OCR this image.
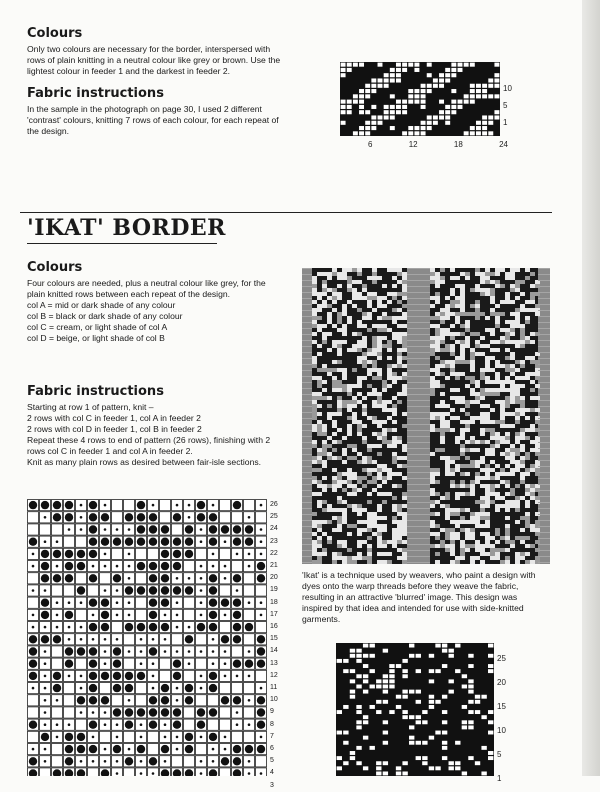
Colours

Only two colours are necessary for the border, interspersed with rows of plain knitting in a neutral colour like grey or brown. Use the lightest colour in feeder 1 and the darkest in feeder 2.

Fabric instructions

In the sample in the photograph on page 30, I used 2 different 'contrast' colours, knitting 7 rows of each colour, for each repeat of the design.

10
5
1
6	12	18	24
'IKAT' BORDER
Colours

Four colours are needed, plus a neutral colour like grey, for the plain knitted rows between each repeat of the design.

col A = mid or dark shade of any colour

col B = black or dark shade of any colour

col C = cream, or light shade of col A

col D = beige, or light shade of col B

Fabric instructions

Starting at row 1 of pattern, knit –

2 rows with col C in feeder 1, col A in feeder 2

2 rows with col D in feeder 1, col B in feeder 2

Repeat these 4 rows to end of pattern (26 rows), finishing with 2 rows col C in feeder 1 and col A in feeder 2.

Knit as many plain rows as desired between fair-isle sections.

26
25
24
23
22
21
20
19
18
17
16
15
14
13
12
11
10
9
8
7
6
5
4
3

'Ikat' is a technique used by weavers, who paint a design with dyes onto the warp threads before they weave the fabric, resulting in an attractive 'blurred' image. This design was inspired by that idea and intended for use with side-knitted garments.

25
20
15
10
5
1
